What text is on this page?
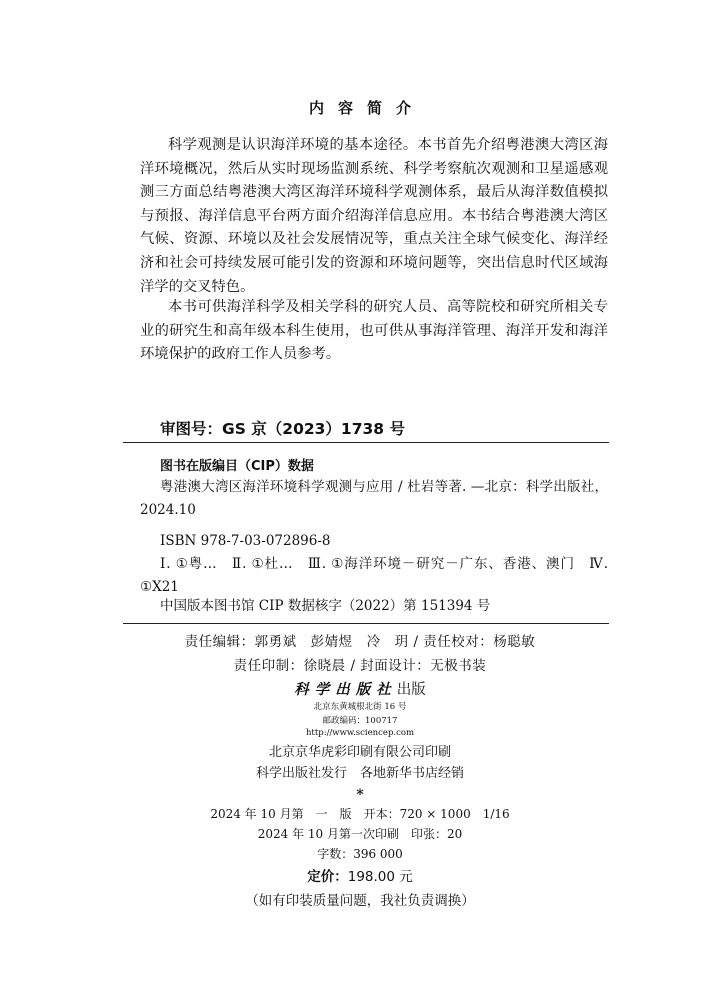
内容简介

科学观测是认识海洋环境的基本途径。本书首先介绍粤港澳大湾区海洋环境概况，然后从实时现场监测系统、科学考察航次观测和卫星遥感观测三方面总结粤港澳大湾区海洋环境科学观测体系，最后从海洋数值模拟与预报、海洋信息平台两方面介绍海洋信息应用。本书结合粤港澳大湾区气候、资源、环境以及社会发展情况等，重点关注全球气候变化、海洋经济和社会可持续发展可能引发的资源和环境问题等，突出信息时代区域海洋学的交叉特色。

本书可供海洋科学及相关学科的研究人员、高等院校和研究所相关专业的研究生和高年级本科生使用，也可供从事海洋管理、海洋开发和海洋环境保护的政府工作人员参考。

审图号：GS 京（2023）1738 号
图书在版编目（CIP）数据

粤港澳大湾区海洋环境科学观测与应用 / 杜岩等著. —北京：科学出版社，2024.10

ISBN 978-7-03-072896-8

Ⅰ. ①粤…　Ⅱ. ①杜…　Ⅲ. ①海洋环境－研究－广东、香港、澳门　Ⅳ. ①X21

中国版本图书馆 CIP 数据核字（2022）第 151394 号

责任编辑：郭勇斌　彭婧煜　冷　玥 / 责任校对：杨聪敏

责任印制：徐晓晨 / 封面设计：无极书装

科学出版社出版

北京东黄城根北街 16 号

邮政编码：100717

http://www.sciencep.com

北京京华虎彩印刷有限公司印刷

科学出版社发行　各地新华书店经销

*

2024 年 10 月第　一　版　开本：720 × 1000　1/16

2024 年 10 月第一次印刷　印张：20

字数：396 000

定价：198.00 元

（如有印装质量问题，我社负责调换）
